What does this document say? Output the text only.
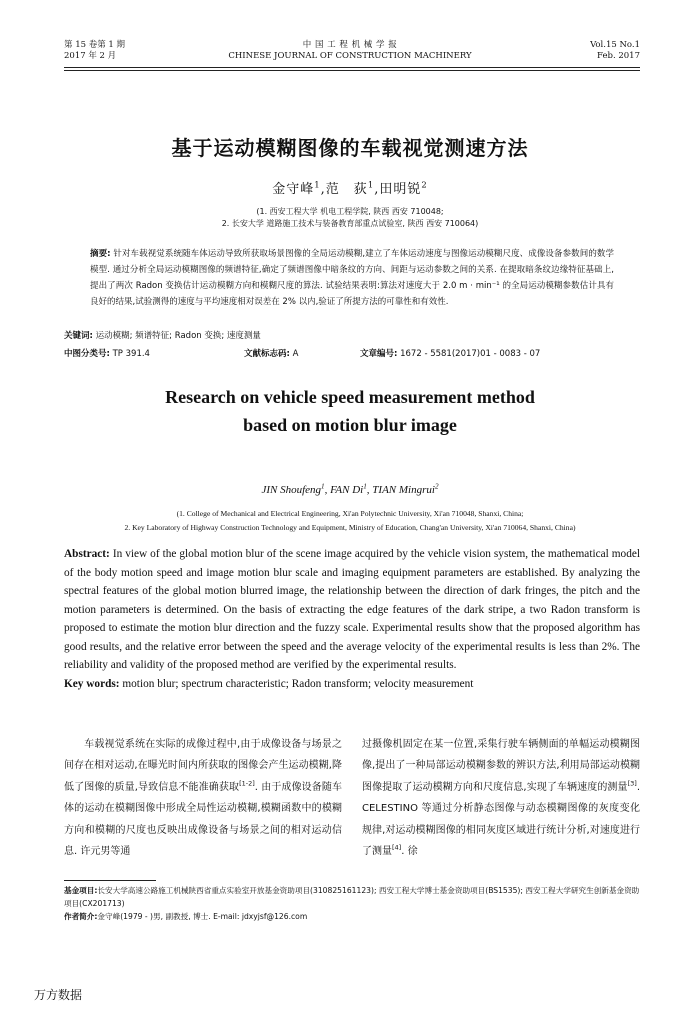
第 15 卷第 1 期
2017 年 2 月
中 国 工 程 机 械 学 报
CHINESE JOURNAL OF CONSTRUCTION MACHINERY
Vol.15 No.1
Feb. 2017
基于运动模糊图像的车载视觉测速方法
金守峰$^1$,范　荻$^1$,田明锐$^2$
(1. 西安工程大学 机电工程学院, 陕西 西安 710048;
2. 长安大学 道路施工技术与装备教育部重点试验室, 陕西 西安 710064)
摘要: 针对车载视觉系统随车体运动导致所获取场景图像的全局运动模糊,建立了车体运动速度与图像运动模糊尺度、成像设备参数间的数学模型. 通过分析全局运动模糊图像的频谱特征,确定了频谱图像中暗条纹的方向、间距与运动参数之间的关系. 在提取暗条纹边缘特征基础上,提出了两次 Radon 变换估计运动模糊方向和模糊尺度的算法. 试验结果表明:算法对速度大于 2.0 m · min⁻¹ 的全局运动模糊参数估计具有良好的结果,试验测得的速度与平均速度相对误差在 2% 以内,验证了所提方法的可靠性和有效性.
关键词: 运动模糊; 频谱特征; Radon 变换; 速度测量
中图分类号: TP 391.4	文献标志码: A	文章编号: 1672 - 5581(2017)01 - 0083 - 07
Research on vehicle speed measurement method
based on motion blur image
JIN Shoufeng$^1$, FAN Di$^1$, TIAN Mingrui$^2$
(1. College of Mechanical and Electrical Engineering, Xi'an Polytechnic University, Xi'an 710048, Shanxi, China;
2. Key Laboratory of Highway Construction Technology and Equipment, Ministry of Education, Chang'an University, Xi'an 710064, Shanxi, China)
Abstract: In view of the global motion blur of the scene image acquired by the vehicle vision system, the mathematical model of the body motion speed and image motion blur scale and imaging equipment parameters are established. By analyzing the spectral features of the global motion blurred image, the relationship between the direction of dark fringes, the pitch and the motion parameters is determined. On the basis of extracting the edge features of the dark stripe, a two Radon transform is proposed to estimate the motion blur direction and the fuzzy scale. Experimental results show that the proposed algorithm has good results, and the relative error between the speed and the average velocity of the experimental results is less than 2%. The reliability and validity of the proposed method are verified by the experimental results.
Key words: motion blur; spectrum characteristic; Radon transform; velocity measurement
车载视觉系统在实际的成像过程中,由于成像设备与场景之间存在相对运动,在曝光时间内所获取的图像会产生运动模糊,降低了图像的质量,导致信息不能准确获取[1-2]. 由于成像设备随车体的运动在模糊图像中形成全局性运动模糊,模糊函数中的模糊方向和模糊的尺度也反映出成像设备与场景之间的相对运动信息. 许元男等通
过摄像机固定在某一位置,采集行驶车辆侧面的单幅运动模糊图像,提出了一种局部运动模糊参数的辨识方法,利用局部运动模糊图像提取了运动模糊方向和尺度信息,实现了车辆速度的测量[3]. CELESTINO 等通过分析静态图像与动态模糊图像的灰度变化规律,对运动模糊图像的相同灰度区域进行统计分析,对速度进行了测量[4]. 徐
基金项目:长安大学高速公路施工机械陕西省重点实验室开放基金资助项目(310825161123); 西安工程大学博士基金资助项目(BS1535); 西安工程大学研究生创新基金资助项目(CX201713)
作者简介:金守峰(1979 - )男, 副教授, 博士. E-mail: jdxyjsf@126.com
万方数据
